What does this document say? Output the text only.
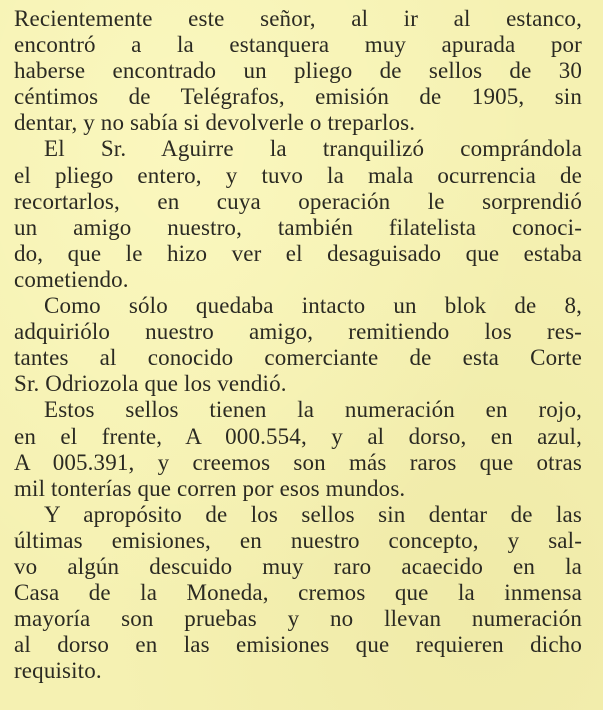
Recientemente este señor, al ir al estanco,
encontró a la estanquera muy apurada por
haberse encontrado un pliego de sellos de 30
céntimos de Telégrafos, emisión de 1905, sin
dentar, y no sabía si devolverle o treparlos.
El Sr. Aguirre la tranquilizó comprándola
el pliego entero, y tuvo la mala ocurrencia de
recortarlos, en cuya operación le sorprendió
un amigo nuestro, también filatelista conoci-
do, que le hizo ver el desaguisado que estaba
cometiendo.
Como sólo quedaba intacto un blok de 8,
adquiriólo nuestro amigo, remitiendo los res-
tantes al conocido comerciante de esta Corte
Sr. Odriozola que los vendió.
Estos sellos tienen la numeración en rojo,
en el frente, A 000.554, y al dorso, en azul,
A 005.391, y creemos son más raros que otras
mil tonterías que corren por esos mundos.
Y apropósito de los sellos sin dentar de las
últimas emisiones, en nuestro concepto, y sal-
vo algún descuido muy raro acaecido en la
Casa de la Moneda, cremos que la inmensa
mayoría son pruebas y no llevan numeración
al dorso en las emisiones que requieren dicho
requisito.
